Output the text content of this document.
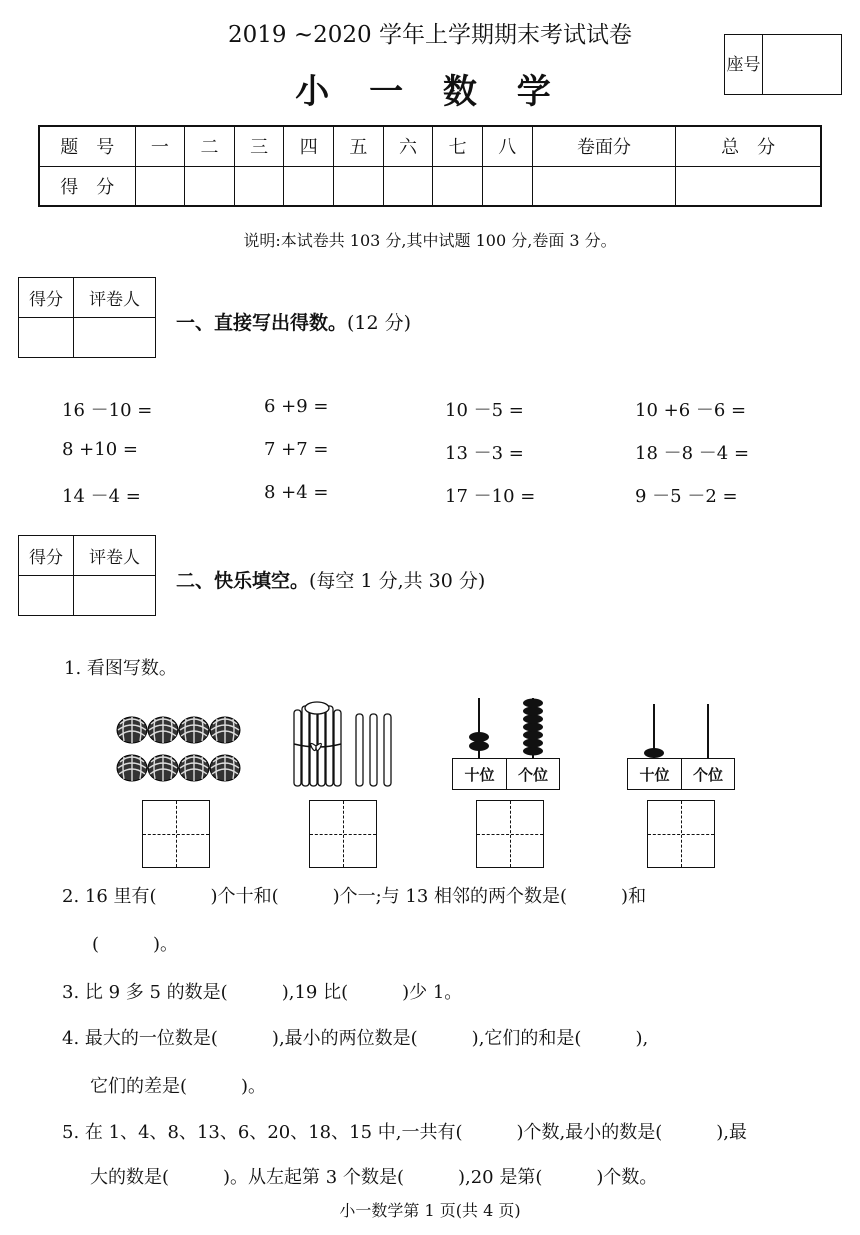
2019 ~2020 学年上学期期末考试试卷
小 一 数 学
座号
题　号	一	二	三	四	五	六	七	八	卷面分	总　分
得　分										
说明:本试卷共 103 分,其中试题 100 分,卷面 3 分。
得分	评卷人

一、直接写出得数。(12 分)
16 －10 =	6 +9 =	10 －5 =	10 +6 －6 =
8 +10 =	7 +7 =	13 －3 =	18 －8 －4 =
14 －4 =	8 +4 =	17 －10 =	9 －5 －2 =
得分	评卷人

二、快乐填空。(每空 1 分,共 30 分)
1. 看图写数。
十位	个位	十位	个位
2. 16 里有(　　　)个十和(　　　)个一;与 13 相邻的两个数是(　　　)和
(　　　)。
3. 比 9 多 5 的数是(　　　),19 比(　　　)少 1。
4. 最大的一位数是(　　　),最小的两位数是(　　　),它们的和是(　　　),
它们的差是(　　　)。
5. 在 1、4、8、13、6、20、18、15 中,一共有(　　　)个数,最小的数是(　　　),最
大的数是(　　　)。从左起第 3 个数是(　　　),20 是第(　　　)个数。
小一数学第 1 页(共 4 页)
